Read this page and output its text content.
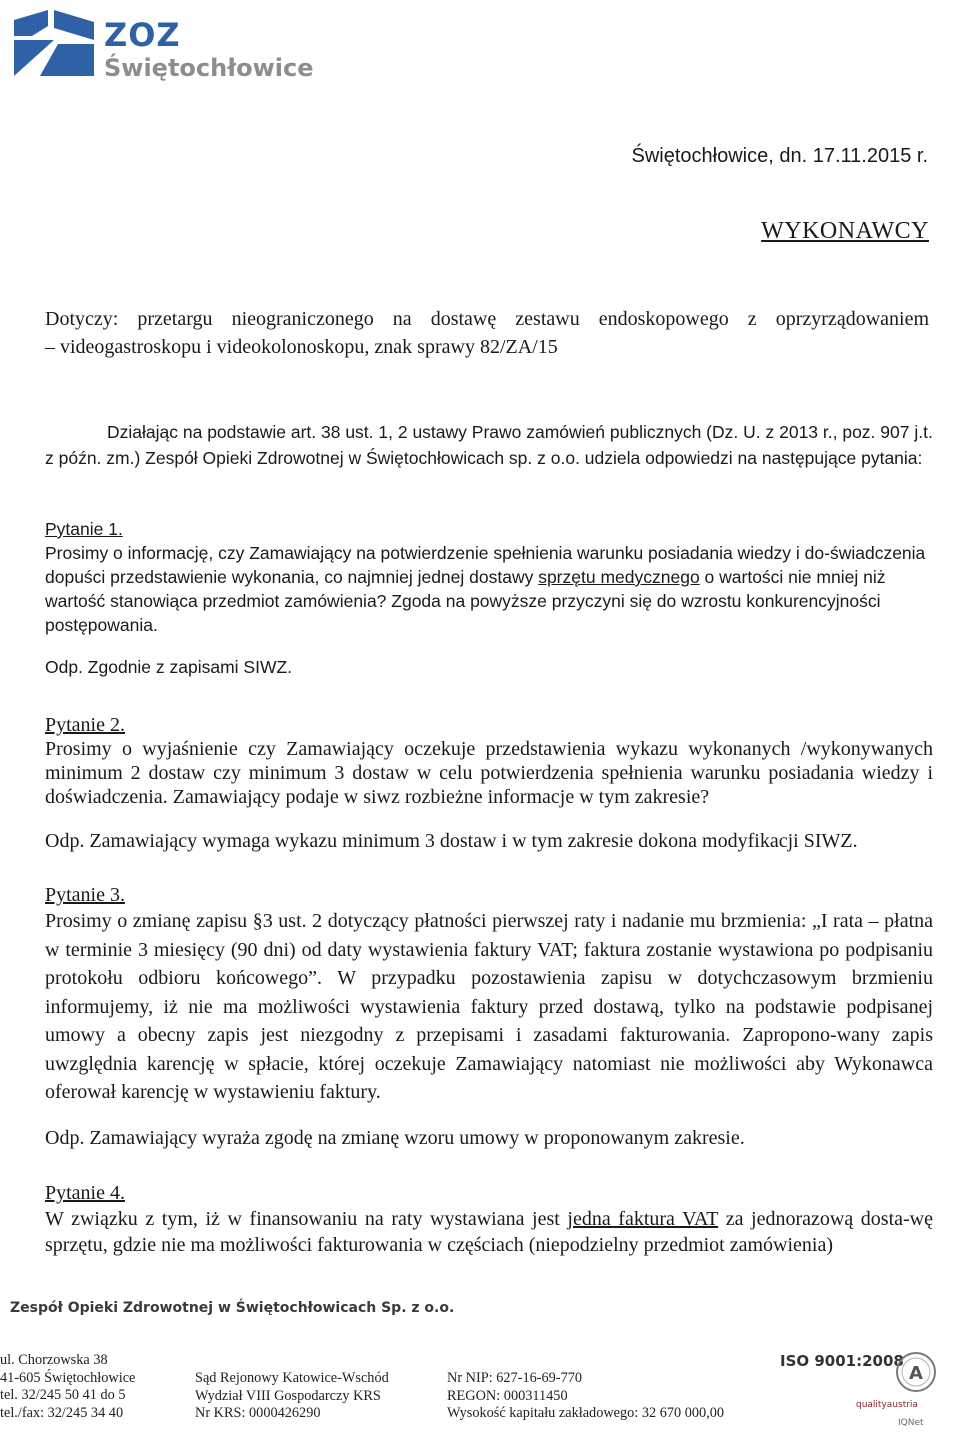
ZOZ
Świętochłowice
Świętochłowice, dn. 17.11.2015 r.
WYKONAWCY
Dotyczy: przetargu nieograniczonego na dostawę zestawu endoskopowego z oprzyrządowaniem
– videogastroskopu i videokolonoskopu, znak sprawy 82/ZA/15
Działając na podstawie art. 38 ust. 1, 2 ustawy Prawo zamówień publicznych (Dz. U. z 2013 r., poz. 907 j.t. z późn. zm.) Zespół Opieki Zdrowotnej w Świętochłowicach sp. z o.o. udziela odpowiedzi na następujące pytania:
Pytanie 1.
Prosimy o informację, czy Zamawiający na potwierdzenie spełnienia warunku posiadania wiedzy i do-świadczenia dopuści przedstawienie wykonania, co najmniej jednej dostawy sprzętu medycznego o wartości nie mniej niż wartość stanowiąca przedmiot zamówienia? Zgoda na powyższe przyczyni się do wzrostu konkurencyjności postępowania.
Odp. Zgodnie z zapisami SIWZ.
Pytanie 2.
Prosimy o wyjaśnienie czy Zamawiający oczekuje przedstawienia wykazu wykonanych /wykonywanych minimum 2 dostaw czy minimum 3 dostaw w celu potwierdzenia spełnienia warunku posiadania wiedzy i doświadczenia. Zamawiający podaje w siwz rozbieżne informacje w tym zakresie?
Odp. Zamawiający wymaga wykazu minimum 3 dostaw i w tym zakresie dokona modyfikacji SIWZ.
Pytanie 3.
Prosimy o zmianę zapisu §3 ust. 2 dotyczący płatności pierwszej raty i nadanie mu brzmienia: „I rata – płatna w terminie 3 miesięcy (90 dni) od daty wystawienia faktury VAT; faktura zostanie wystawiona po podpisaniu protokołu odbioru końcowego”. W przypadku pozostawienia zapisu w dotychczasowym brzmieniu informujemy, iż nie ma możliwości wystawienia faktury przed dostawą, tylko na podstawie podpisanej umowy a obecny zapis jest niezgodny z przepisami i zasadami fakturowania. Zapropono-wany zapis uwzględnia karencję w spłacie, której oczekuje Zamawiający natomiast nie możliwości aby Wykonawca oferował karencję w wystawieniu faktury.
Odp. Zamawiający wyraża zgodę na zmianę wzoru umowy w proponowanym zakresie.
Pytanie 4.
W związku z tym, iż w finansowaniu na raty wystawiana jest jedna faktura VAT za jednorazową dosta-wę sprzętu, gdzie nie ma możliwości fakturowania w częściach (niepodzielny przedmiot zamówienia)
Zespół Opieki Zdrowotnej w Świętochłowicach Sp. z o.o.
ul. Chorzowska 38
41-605 Świętochłowice
tel. 32/245 50 41 do 5
tel./fax: 32/245 34 40
Sąd Rejonowy Katowice-Wschód
Wydział VIII Gospodarczy KRS
Nr KRS: 0000426290
Nr NIP: 627-16-69-770
REGON: 000311450
Wysokość kapitału zakładowego: 32 670 000,00
ISO 9001:2008
A
qualityaustria
IQNet
